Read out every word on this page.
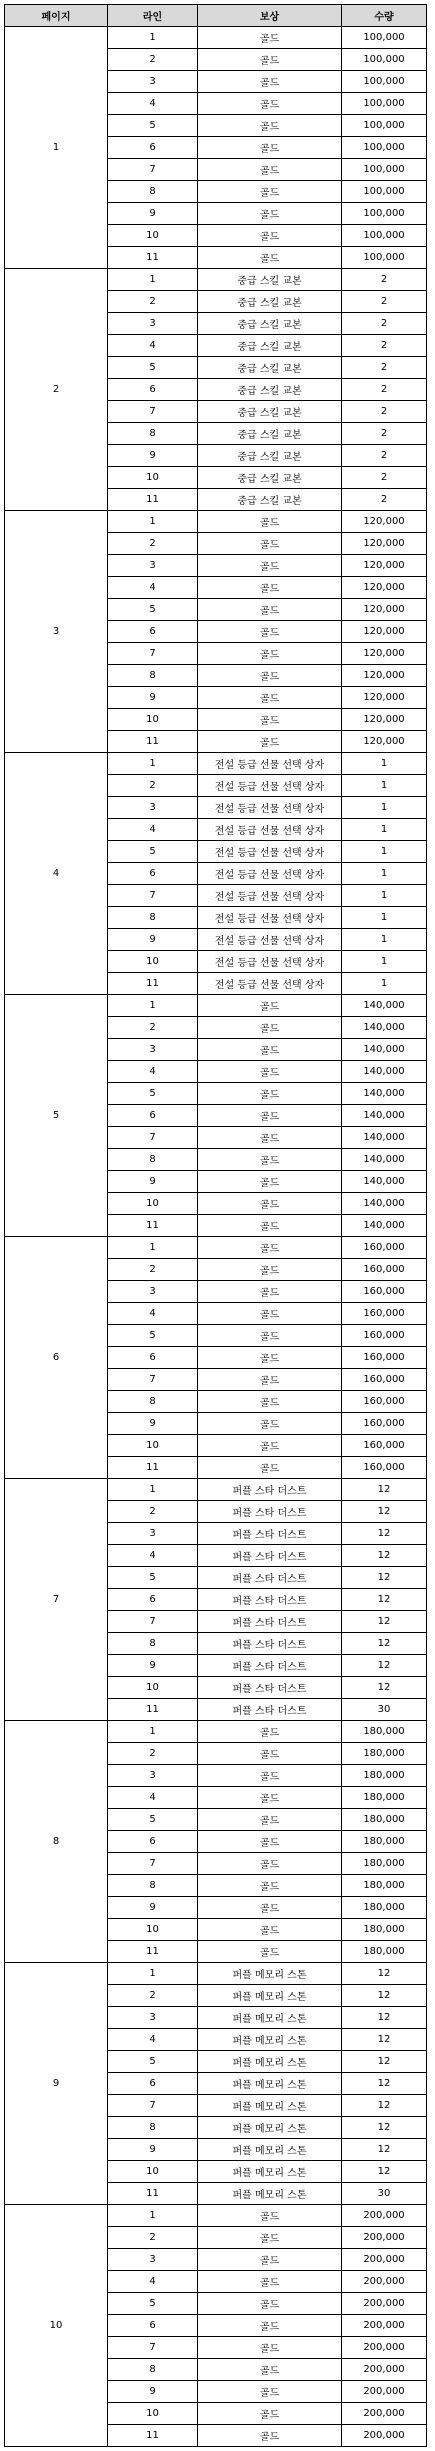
페이지	라인	보상	수량
1	1	골드	100,000
	2	골드	100,000
	3	골드	100,000
	4	골드	100,000
	5	골드	100,000
	6	골드	100,000
	7	골드	100,000
	8	골드	100,000
	9	골드	100,000
	10	골드	100,000
	11	골드	100,000
2	1	중급 스킬 교본	2
	2	중급 스킬 교본	2
	3	중급 스킬 교본	2
	4	중급 스킬 교본	2
	5	중급 스킬 교본	2
	6	중급 스킬 교본	2
	7	중급 스킬 교본	2
	8	중급 스킬 교본	2
	9	중급 스킬 교본	2
	10	중급 스킬 교본	2
	11	중급 스킬 교본	2
3	1	골드	120,000
	2	골드	120,000
	3	골드	120,000
	4	골드	120,000
	5	골드	120,000
	6	골드	120,000
	7	골드	120,000
	8	골드	120,000
	9	골드	120,000
	10	골드	120,000
	11	골드	120,000
4	1	전설 등급 선물 선택 상자	1
	2	전설 등급 선물 선택 상자	1
	3	전설 등급 선물 선택 상자	1
	4	전설 등급 선물 선택 상자	1
	5	전설 등급 선물 선택 상자	1
	6	전설 등급 선물 선택 상자	1
	7	전설 등급 선물 선택 상자	1
	8	전설 등급 선물 선택 상자	1
	9	전설 등급 선물 선택 상자	1
	10	전설 등급 선물 선택 상자	1
	11	전설 등급 선물 선택 상자	1
5	1	골드	140,000
	2	골드	140,000
	3	골드	140,000
	4	골드	140,000
	5	골드	140,000
	6	골드	140,000
	7	골드	140,000
	8	골드	140,000
	9	골드	140,000
	10	골드	140,000
	11	골드	140,000
6	1	골드	160,000
	2	골드	160,000
	3	골드	160,000
	4	골드	160,000
	5	골드	160,000
	6	골드	160,000
	7	골드	160,000
	8	골드	160,000
	9	골드	160,000
	10	골드	160,000
	11	골드	160,000
7	1	퍼플 스타 더스트	12
	2	퍼플 스타 더스트	12
	3	퍼플 스타 더스트	12
	4	퍼플 스타 더스트	12
	5	퍼플 스타 더스트	12
	6	퍼플 스타 더스트	12
	7	퍼플 스타 더스트	12
	8	퍼플 스타 더스트	12
	9	퍼플 스타 더스트	12
	10	퍼플 스타 더스트	12
	11	퍼플 스타 더스트	30
8	1	골드	180,000
	2	골드	180,000
	3	골드	180,000
	4	골드	180,000
	5	골드	180,000
	6	골드	180,000
	7	골드	180,000
	8	골드	180,000
	9	골드	180,000
	10	골드	180,000
	11	골드	180,000
9	1	퍼플 메모리 스톤	12
	2	퍼플 메모리 스톤	12
	3	퍼플 메모리 스톤	12
	4	퍼플 메모리 스톤	12
	5	퍼플 메모리 스톤	12
	6	퍼플 메모리 스톤	12
	7	퍼플 메모리 스톤	12
	8	퍼플 메모리 스톤	12
	9	퍼플 메모리 스톤	12
	10	퍼플 메모리 스톤	12
	11	퍼플 메모리 스톤	30
10	1	골드	200,000
	2	골드	200,000
	3	골드	200,000
	4	골드	200,000
	5	골드	200,000
	6	골드	200,000
	7	골드	200,000
	8	골드	200,000
	9	골드	200,000
	10	골드	200,000
	11	골드	200,000
